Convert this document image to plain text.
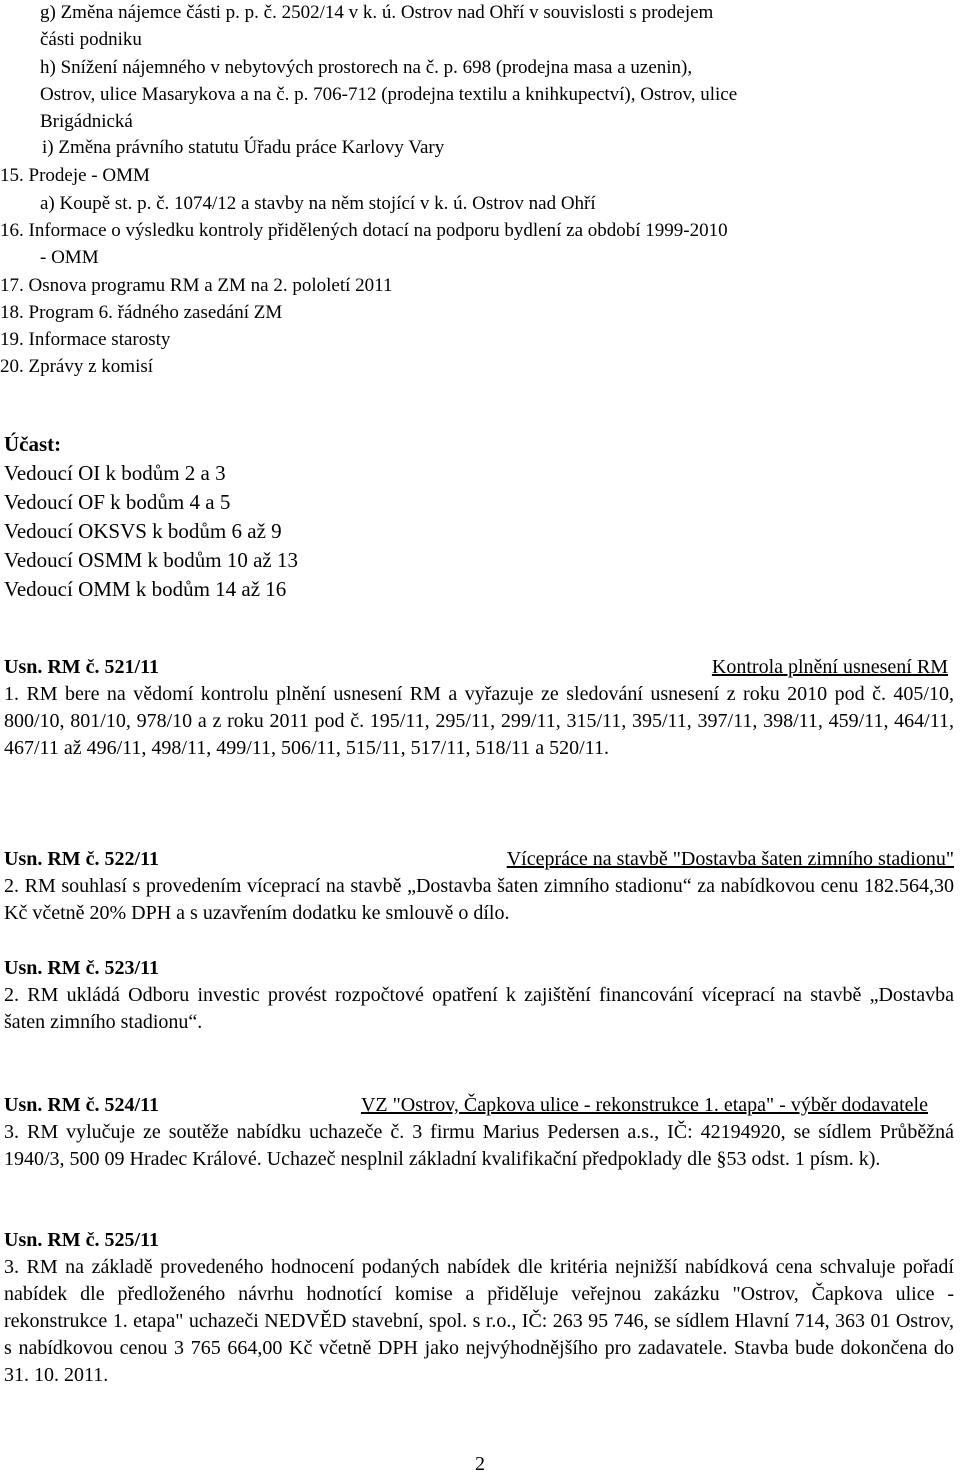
g) Změna nájemce části p. p. č. 2502/14 v k. ú. Ostrov nad Ohří v souvislosti s prodejem
části podniku
h) Snížení nájemného v nebytových prostorech na č. p. 698 (prodejna masa a uzenin),
Ostrov, ulice Masarykova a na č. p. 706-712 (prodejna textilu a knihkupectví), Ostrov, ulice
Brigádnická
i) Změna právního statutu Úřadu práce Karlovy Vary
15. Prodeje - OMM
a) Koupě st. p. č. 1074/12 a stavby na něm stojící v k. ú. Ostrov nad Ohří
16. Informace o výsledku kontroly přidělených dotací na podporu bydlení za období 1999-2010
- OMM
17. Osnova programu RM a ZM na 2. pololetí 2011
18. Program 6. řádného zasedání ZM
19. Informace starosty
20. Zprávy z komisí
Účast:
Vedoucí OI k bodům 2 a 3
Vedoucí OF k bodům 4 a 5
Vedoucí OKSVS k bodům 6 až 9
Vedoucí OSMM k bodům 10 až 13
Vedoucí OMM k bodům 14 až 16
Usn. RM č. 521/11	Kontrola plnění usnesení RM

1. RM bere na vědomí kontrolu plnění usnesení RM a vyřazuje ze sledování usnesení z roku 2010 pod č. 405/10, 800/10, 801/10, 978/10 a z roku 2011 pod č. 195/11, 295/11, 299/11, 315/11, 395/11, 397/11, 398/11, 459/11, 464/11, 467/11 až 496/11, 498/11, 499/11, 506/11, 515/11, 517/11, 518/11 a 520/11.

Usn. RM č. 522/11	Vícepráce na stavbě "Dostavba šaten zimního stadionu"

2. RM souhlasí s provedením víceprací na stavbě „Dostavba šaten zimního stadionu“ za nabídkovou cenu 182.564,30 Kč včetně 20% DPH a s uzavřením dodatku ke smlouvě o dílo.

Usn. RM č. 523/11

2. RM ukládá Odboru investic provést rozpočtové opatření k zajištění financování víceprací na stavbě „Dostavba šaten zimního stadionu“.

Usn. RM č. 524/11	VZ "Ostrov, Čapkova ulice - rekonstrukce 1. etapa" - výběr dodavatele

3. RM vylučuje ze soutěže nabídku uchazeče č. 3 firmu Marius Pedersen a.s., IČ: 42194920, se sídlem Průběžná 1940/3, 500 09 Hradec Králové. Uchazeč nesplnil základní kvalifikační předpoklady dle §53 odst. 1 písm. k).

Usn. RM č. 525/11

3. RM na základě provedeného hodnocení podaných nabídek dle kritéria nejnižší nabídková cena schvaluje pořadí nabídek dle předloženého návrhu hodnotící komise a přiděluje veřejnou zakázku "Ostrov, Čapkova ulice - rekonstrukce 1. etapa" uchazeči NEDVĚD stavební, spol. s r.o., IČ: 263 95 746, se sídlem Hlavní 714, 363 01 Ostrov, s nabídkovou cenou 3 765 664,00 Kč včetně DPH jako nejvýhodnějšího pro zadavatele. Stavba bude dokončena do 31. 10. 2011.

2
